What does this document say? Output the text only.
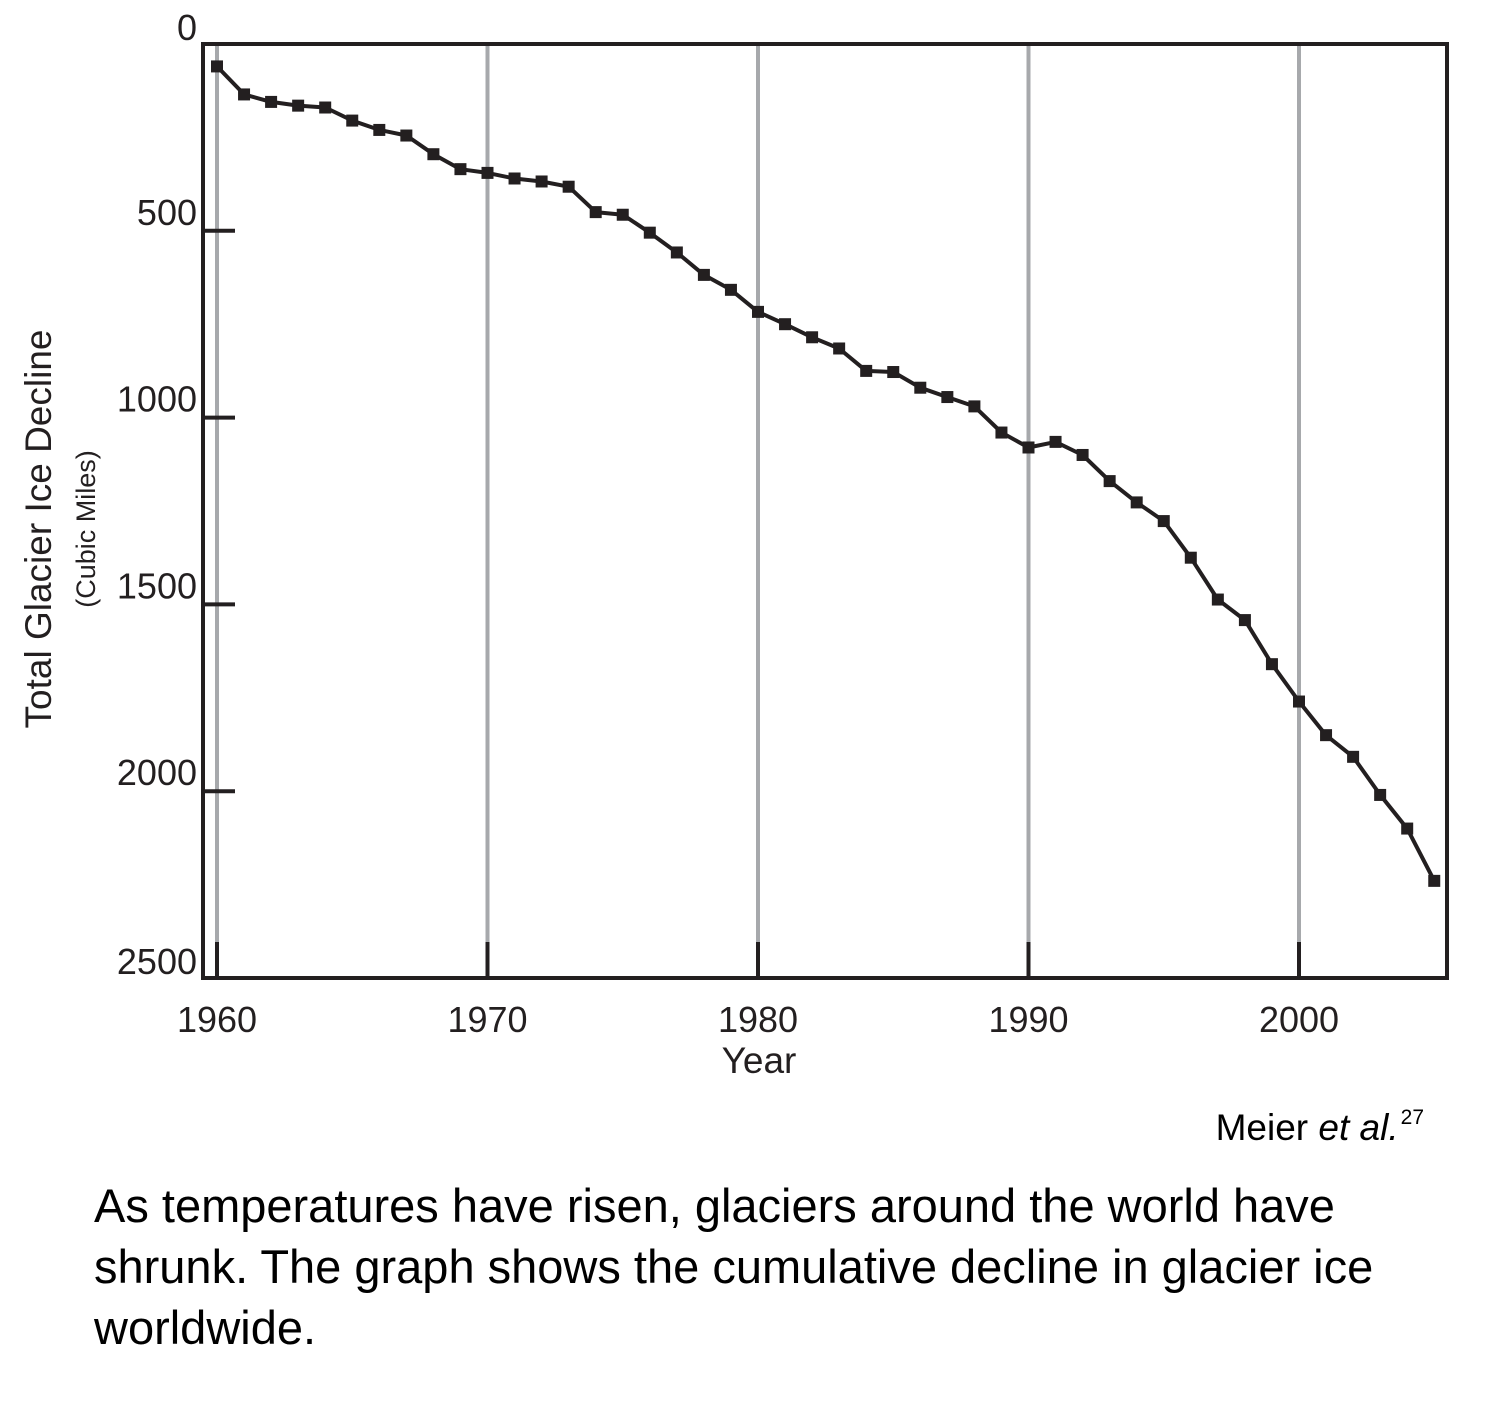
1960	1970	1980	1990	2000
0
500
1000
1500
2000
2500
Year
Total Glacier Ice Decline (Cubic Miles)
Meier et al.$^{27}$
As temperatures have risen, glaciers around the world have shrunk. The graph shows the cumulative decline in glacier ice worldwide.
